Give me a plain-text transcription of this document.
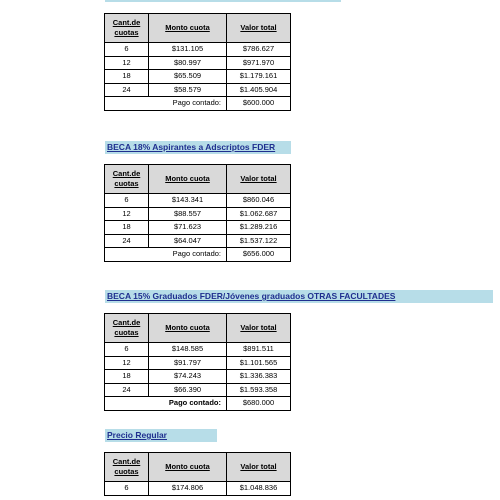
Cant.de cuotas	Monto cuota	Valor total
6	$131.105	$786.627
12	$80.997	$971.970
18	$65.509	$1.179.161
24	$58.579	$1.405.904
Pago contado:		$600.000
BECA 18% Aspirantes a Adscriptos FDER
Cant.de cuotas	Monto cuota	Valor total
6	$143.341	$860.046
12	$88.557	$1.062.687
18	$71.623	$1.289.216
24	$64.047	$1.537.122
Pago contado:		$656.000
BECA 15% Graduados FDER/Jóvenes graduados OTRAS FACULTADES
Cant.de cuotas	Monto cuota	Valor total
6	$148.585	$891.511
12	$91.797	$1.101.565
18	$74.243	$1.336.383
24	$66.390	$1.593.358
Pago contado:		$680.000
Precio Regular
Cant.de cuotas	Monto cuota	Valor total
6	$174.806	$1.048.836
